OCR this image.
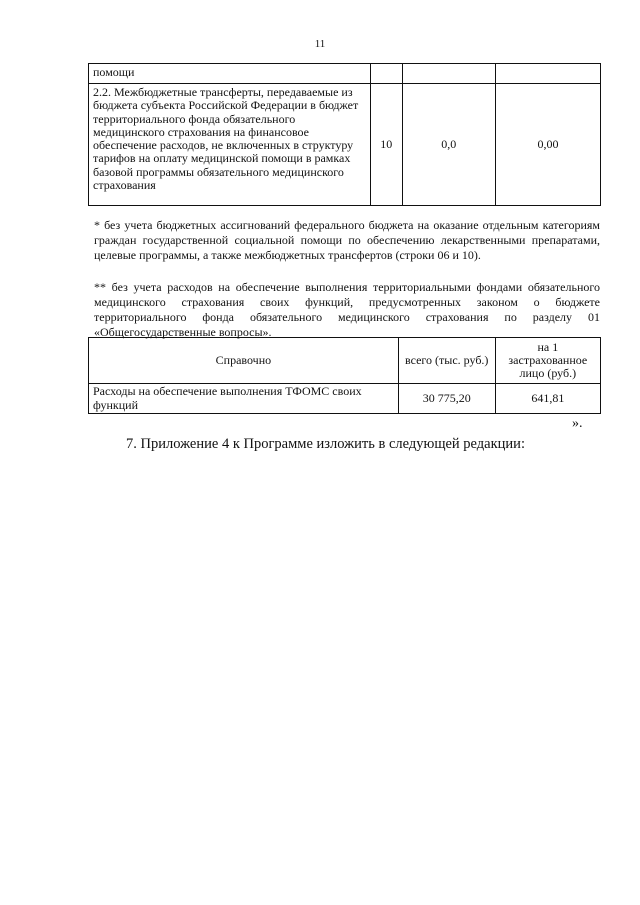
11
помощи			
2.2. Межбюджетные трансферты, передаваемые из бюджета субъекта Российской Федерации в бюджет территориального фонда обязательного медицинского страхования на финансовое обеспечение расходов, не включенных в структуру тарифов на оплату медицинской помощи в рамках базовой программы обязательного медицинского страхования	10	0,0	0,00

* без учета бюджетных ассигнований федерального бюджета на оказание отдельным категориям граждан государственной социальной помощи по обеспечению лекарственными препаратами, целевые программы, а также межбюджетных трансфертов (строки 06 и 10).

** без учета расходов на обеспечение выполнения территориальными фондами обязательного медицинского страхования своих функций, предусмотренных законом о бюджете территориального фонда обязательного медицинского страхования по разделу 01 «Общегосударственные вопросы».

Справочно	всего (тыс. руб.)	на 1 застрахованное лицо (руб.)
Расходы на обеспечение выполнения ТФОМС своих функций	30 775,20	641,81
».
7. Приложение 4 к Программе изложить в следующей редакции:
